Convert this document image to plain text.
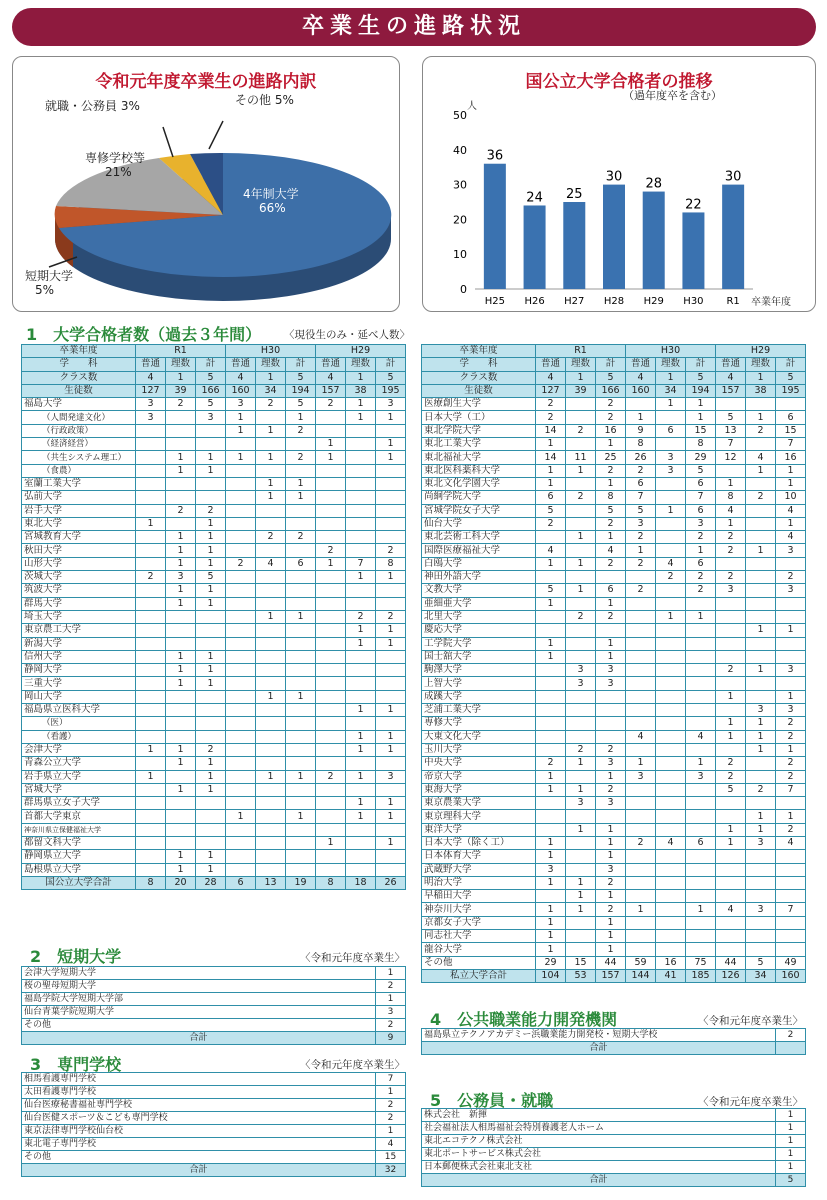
卒業生の進路状況
令和元年度卒業生の進路内訳
4年制大学
66%
専修学校等
21%
短期大学
5%
就職・公務員 3%	その他 5%
国公立大学合格者の推移
（過年度卒を含む）
人
卒業年度
0
10
20
30
40
50
36
H25
24
H26
25
H27
30
H28
28
H29
22
H30
30
R1
1　大学合格者数（過去３年間） 〈現役生のみ・延べ人数〉
卒業年度	R1			H30			H29		
学　　科	普通	理数	計	普通	理数	計	普通	理数	計
クラス数	4	1	5	4	1	5	4	1	5
生徒数	127	39	166	160	34	194	157	38	195
福島大学	3	2	5	3	2	5	2	1	3
（人間発達文化）	3		3	1		1		1	1
（行政政策）				1	1	2			
（経済経営）							1		1
（共生システム理工）		1	1	1	1	2	1		1
（食農）		1	1						
室蘭工業大学					1	1			
弘前大学					1	1			
岩手大学		2	2						
東北大学	1		1						
宮城教育大学		1	1		2	2			
秋田大学		1	1				2		2
山形大学		1	1	2	4	6	1	7	8
茨城大学	2	3	5					1	1
筑波大学		1	1						
群馬大学		1	1						
埼玉大学					1	1		2	2
東京農工大学								1	1
新潟大学								1	1
信州大学		1	1						
静岡大学		1	1						
三重大学		1	1						
岡山大学					1	1			
福島県立医科大学								1	1
（医）									
（看護）								1	1
会津大学	1	1	2					1	1
青森公立大学		1	1						
岩手県立大学	1		1		1	1	2	1	3
宮城大学		1	1						
群馬県立女子大学								1	1
首都大学東京				1		1		1	1
神奈川県立保健福祉大学									
都留文科大学							1		1
静岡県立大学		1	1						
島根県立大学		1	1						
国公立大学合計	8	20	28	6	13	19	8	18	26
卒業年度	R1			H30			H29		
学　　科	普通	理数	計	普通	理数	計	普通	理数	計
クラス数	4	1	5	4	1	5	4	1	5
生徒数	127	39	166	160	34	194	157	38	195
医療創生大学	2		2		1	1			
日本大学（工）	2		2	1		1	5	1	6
東北学院大学	14	2	16	9	6	15	13	2	15
東北工業大学	1		1	8		8	7		7
東北福祉大学	14	11	25	26	3	29	12	4	16
東北医科薬科大学	1	1	2	2	3	5		1	1
東北文化学園大学	1		1	6		6	1		1
尚絅学院大学	6	2	8	7		7	8	2	10
宮城学院女子大学	5		5	5	1	6	4		4
仙台大学	2		2	3		3	1		1
東北芸術工科大学		1	1	2		2	2		4
国際医療福祉大学	4		4	1		1	2	1	3
白鴎大学	1	1	2	2	4	6			
神田外語大学					2	2	2		2
文教大学	5	1	6	2		2	3		3
亜細亜大学	1		1						
北里大学		2	2		1	1			
慶応大学								1	1
工学院大学	1		1						
国士舘大学	1		1						
駒澤大学		3	3				2	1	3
上智大学		3	3						
成蹊大学							1		1
芝浦工業大学								3	3
専修大学							1	1	2
大東文化大学				4		4	1	1	2
玉川大学		2	2					1	1
中央大学	2	1	3	1		1	2		2
帝京大学	1		1	3		3	2		2
東海大学	1	1	2				5	2	7
東京農業大学		3	3						
東京理科大学								1	1
東洋大学		1	1				1	1	2
日本大学（除く工）	1		1	2	4	6	1	3	4
日本体育大学	1		1						
武蔵野大学	3		3						
明治大学	1	1	2						
早稲田大学		1	1						
神奈川大学	1	1	2	1		1	4	3	7
京都女子大学	1		1						
同志社大学	1		1						
龍谷大学	1		1						
その他	29	15	44	59	16	75	44	5	49
私立大学合計	104	53	157	144	41	185	126	34	160
2　短期大学	〈令和元年度卒業生〉
会津大学短期大学	1
桜の聖母短期大学	2
福島学院大学短期大学部	1
仙台青葉学院短期大学	3
その他	2
合計	9
3　専門学校	〈令和元年度卒業生〉
相馬看護専門学校	7
太田看護専門学校	1
仙台医療秘書福祉専門学校	2
仙台医健スポーツ＆こども専門学校	2
東京法律専門学校仙台校	1
東北電子専門学校	4
その他	15
合計	32
4　公共職業能力開発機関	〈令和元年度卒業生〉
福島県立テクノアカデミー浜職業能力開発校・短期大学校	2
合計	
5　公務員・就職	〈令和元年度卒業生〉
株式会社　新揮	1
社会福祉法人相馬福祉会特別養護老人ホーム	1
東北エコテクノ株式会社	1
東北ポートサービス株式会社	1
日本郵便株式会社東北支社	1
合計	5
